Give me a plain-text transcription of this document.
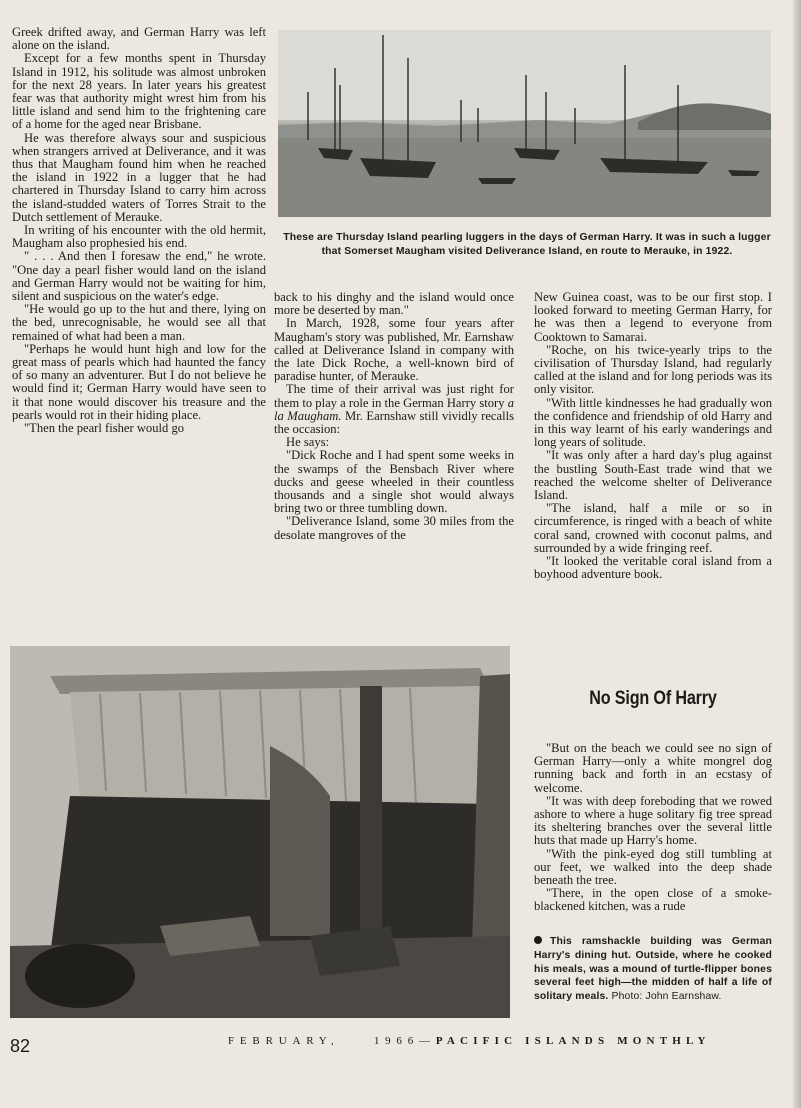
Greek drifted away, and German Harry was left alone on the island.

Except for a few months spent in Thursday Island in 1912, his solitude was almost unbroken for the next 28 years. In later years his greatest fear was that authority might wrest him from his little island and send him to the frightening care of a home for the aged near Brisbane.

He was therefore always sour and suspicious when strangers arrived at Deliverance, and it was thus that Maugham found him when he reached the island in 1922 in a lugger that he had chartered in Thursday Island to carry him across the island-studded waters of Torres Strait to the Dutch settlement of Merauke.

In writing of his encounter with the old hermit, Maugham also prophesied his end.

" . . . And then I foresaw the end," he wrote. "One day a pearl fisher would land on the island and German Harry would not be waiting for him, silent and suspicious on the water's edge.

"He would go up to the hut and there, lying on the bed, unrecognisable, he would see all that remained of what had been a man.

"Perhaps he would hunt high and low for the great mass of pearls which had haunted the fancy of so many an adventurer. But I do not believe he would find it; German Harry would have seen to it that none would discover his treasure and the pearls would rot in their hiding place.

"Then the pearl fisher would go

These are Thursday Island pearling luggers in the days of German Harry. It was in such a lugger that Somerset Maugham visited Deliverance Island, en route to Merauke, in 1922.

back to his dinghy and the island would once more be deserted by man."

In March, 1928, some four years after Maugham's story was published, Mr. Earnshaw called at Deliverance Island in company with the late Dick Roche, a well-known bird of paradise hunter, of Merauke.

The time of their arrival was just right for them to play a role in the German Harry story a la Maugham. Mr. Earnshaw still vividly recalls the occasion:

He says:

"Dick Roche and I had spent some weeks in the swamps of the Bensbach River where ducks and geese wheeled in their countless thousands and a single shot would always bring two or three tumbling down.

"Deliverance Island, some 30 miles from the desolate mangroves of the

New Guinea coast, was to be our first stop. I looked forward to meeting German Harry, for he was then a legend to everyone from Cooktown to Samarai.

"Roche, on his twice-yearly trips to the civilisation of Thursday Island, had regularly called at the island and for long periods was its only visitor.

"With little kindnesses he had gradually won the confidence and friendship of old Harry and in this way learnt of his early wanderings and long years of solitude.

"It was only after a hard day's plug against the bustling South-East trade wind that we reached the welcome shelter of Deliverance Island.

"The island, half a mile or so in circumference, is ringed with a beach of white coral sand, crowned with coconut palms, and surrounded by a wide fringing reef.

"It looked the veritable coral island from a boyhood adventure book.

No Sign Of Harry

"But on the beach we could see no sign of German Harry—only a white mongrel dog running back and forth in an ecstasy of welcome.

"It was with deep foreboding that we rowed ashore to where a huge solitary fig tree spread its sheltering branches over the several little huts that made up Harry's home.

"With the pink-eyed dog still tumbling at our feet, we walked into the deep shade beneath the tree.

"There, in the open close of a smoke-blackened kitchen, was a rude

This ramshackle building was German Harry's dining hut. Outside, where he cooked his meals, was a mound of turtle-flipper bones several feet high—the midden of half a life of solitary meals. Photo: John Earnshaw.
82	FEBRUARY,	1966—PACIFIC ISLANDS MONTHLY
